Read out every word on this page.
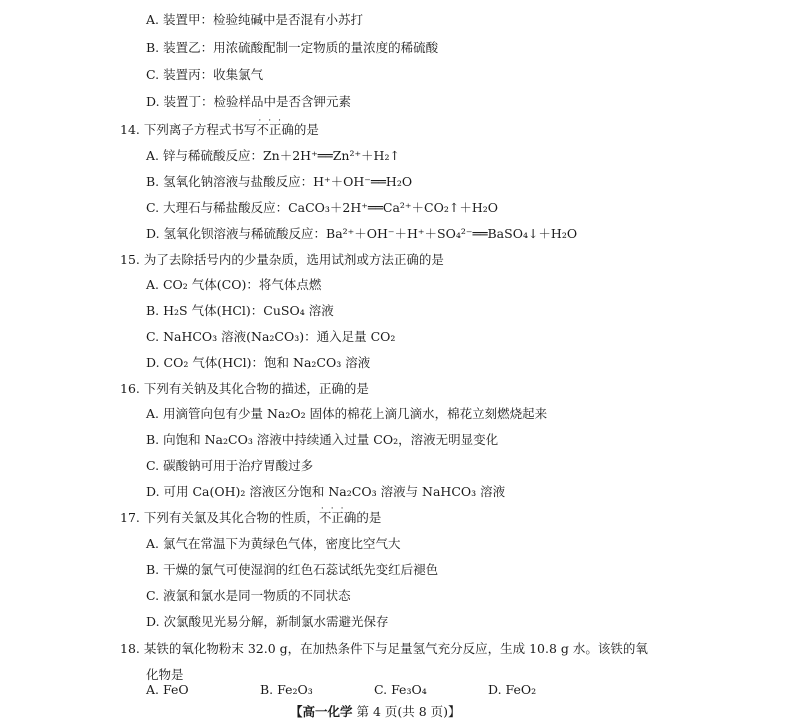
A. 装置甲：检验纯碱中是否混有小苏打
B. 装置乙：用浓硫酸配制一定物质的量浓度的稀硫酸
C. 装置丙：收集氯气
D. 装置丁：检验样品中是否含钾元素
14. 下列离子方程式书写· · · 不正确的是
A. 锌与稀硫酸反应：Zn＋2H⁺══Zn²⁺＋H₂↑
B. 氢氧化钠溶液与盐酸反应：H⁺＋OH⁻══H₂O
C. 大理石与稀盐酸反应：CaCO₃＋2H⁺══Ca²⁺＋CO₂↑＋H₂O
D. 氢氧化钡溶液与稀硫酸反应：Ba²⁺＋OH⁻＋H⁺＋SO₄²⁻══BaSO₄↓＋H₂O
15. 为了去除括号内的少量杂质，选用试剂或方法正确的是
A. CO₂ 气体(CO)：将气体点燃
B. H₂S 气体(HCl)：CuSO₄ 溶液
C. NaHCO₃ 溶液(Na₂CO₃)：通入足量 CO₂
D. CO₂ 气体(HCl)：饱和 Na₂CO₃ 溶液
16. 下列有关钠及其化合物的描述，正确的是
A. 用滴管向包有少量 Na₂O₂ 固体的棉花上滴几滴水，棉花立刻燃烧起来
B. 向饱和 Na₂CO₃ 溶液中持续通入过量 CO₂，溶液无明显变化
C. 碳酸钠可用于治疗胃酸过多
D. 可用 Ca(OH)₂ 溶液区分饱和 Na₂CO₃ 溶液与 NaHCO₃ 溶液
17. 下列有关氯及其化合物的性质，· · · 不正确的是
A. 氯气在常温下为黄绿色气体，密度比空气大
B. 干燥的氯气可使湿润的红色石蕊试纸先变红后褪色
C. 液氯和氯水是同一物质的不同状态
D. 次氯酸见光易分解，新制氯水需避光保存
18. 某铁的氧化物粉末 32.0 g，在加热条件下与足量氢气充分反应，生成 10.8 g 水。该铁的氧
化物是
A. FeO	B. Fe₂O₃	C. Fe₃O₄	D. FeO₂
【高一化学 第 4 页(共 8 页)】
